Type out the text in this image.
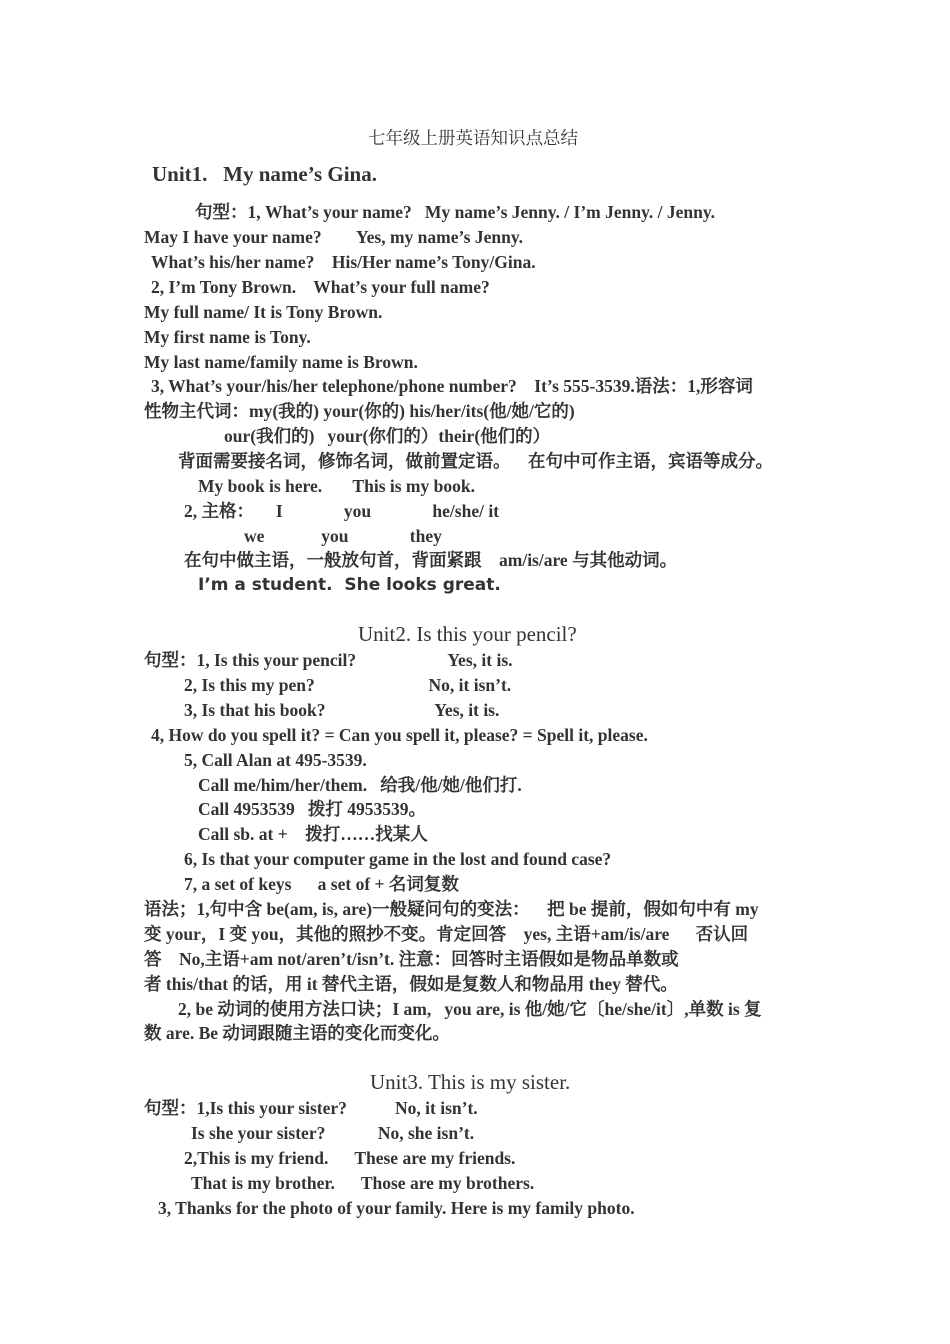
七年级上册英语知识点总结
Unit1.   My name’s Gina.
句型：1, What’s your name?   My name’s Jenny. / I’m Jenny. / Jenny.
May I have your name?        Yes, my name’s Jenny.
What’s his/her name?    His/Her name’s Tony/Gina.
2, I’m Tony Brown.    What’s your full name?
My full name/ It is Tony Brown.
My first name is Tony.
My last name/family name is Brown.
3, What’s your/his/her telephone/phone number?    It’s 555-3539.语法：1,形容词
性物主代词：my(我的) your(你的) his/her/its(他/她/它的)
our(我们的)   your(你们的）their(他们的）
背面需要接名词，修饰名词，做前置定语。    在句中可作主语，宾语等成分。
My book is here.       This is my book.
2, 主格：     I              you              he/she/ it
we             you              they
在句中做主语，一般放句首，背面紧跟    am/is/are 与其他动词。
I’m a student.  She looks great.
Unit2. Is this your pencil?
句型：1, Is this your pencil?                     Yes, it is.
2, Is this my pen?                          No, it isn’t.
3, Is that his book?                         Yes, it is.
4, How do you spell it? = Can you spell it, please? = Spell it, please.
5, Call Alan at 495-3539.
Call me/him/her/them.   给我/他/她/他们打.
Call 4953539   拨打 4953539。
Call sb. at +    拨打……找某人
6, Is that your computer game in the lost and found case?
7, a set of keys      a set of + 名词复数
语法；1,句中含 be(am, is, are)一般疑问句的变法：    把 be 提前，假如句中有 my
变 your，I 变 you，其他的照抄不变。肯定回答    yes, 主语+am/is/are      否认回
答    No,主语+am not/aren’t/isn’t. 注意：回答时主语假如是物品单数或
者 this/that 的话，用 it 替代主语，假如是复数人和物品用 they 替代。
2, be 动词的使用方法口诀；I am,   you are, is 他/她/它〔he/she/it〕,单数 is 复
数 are. Be 动词跟随主语的变化而变化。
Unit3. This is my sister.
句型：1,Is this your sister?           No, it isn’t.
Is she your sister?            No, she isn’t.
2,This is my friend.      These are my friends.
That is my brother.      Those are my brothers.
3, Thanks for the photo of your family. Here is my family photo.
